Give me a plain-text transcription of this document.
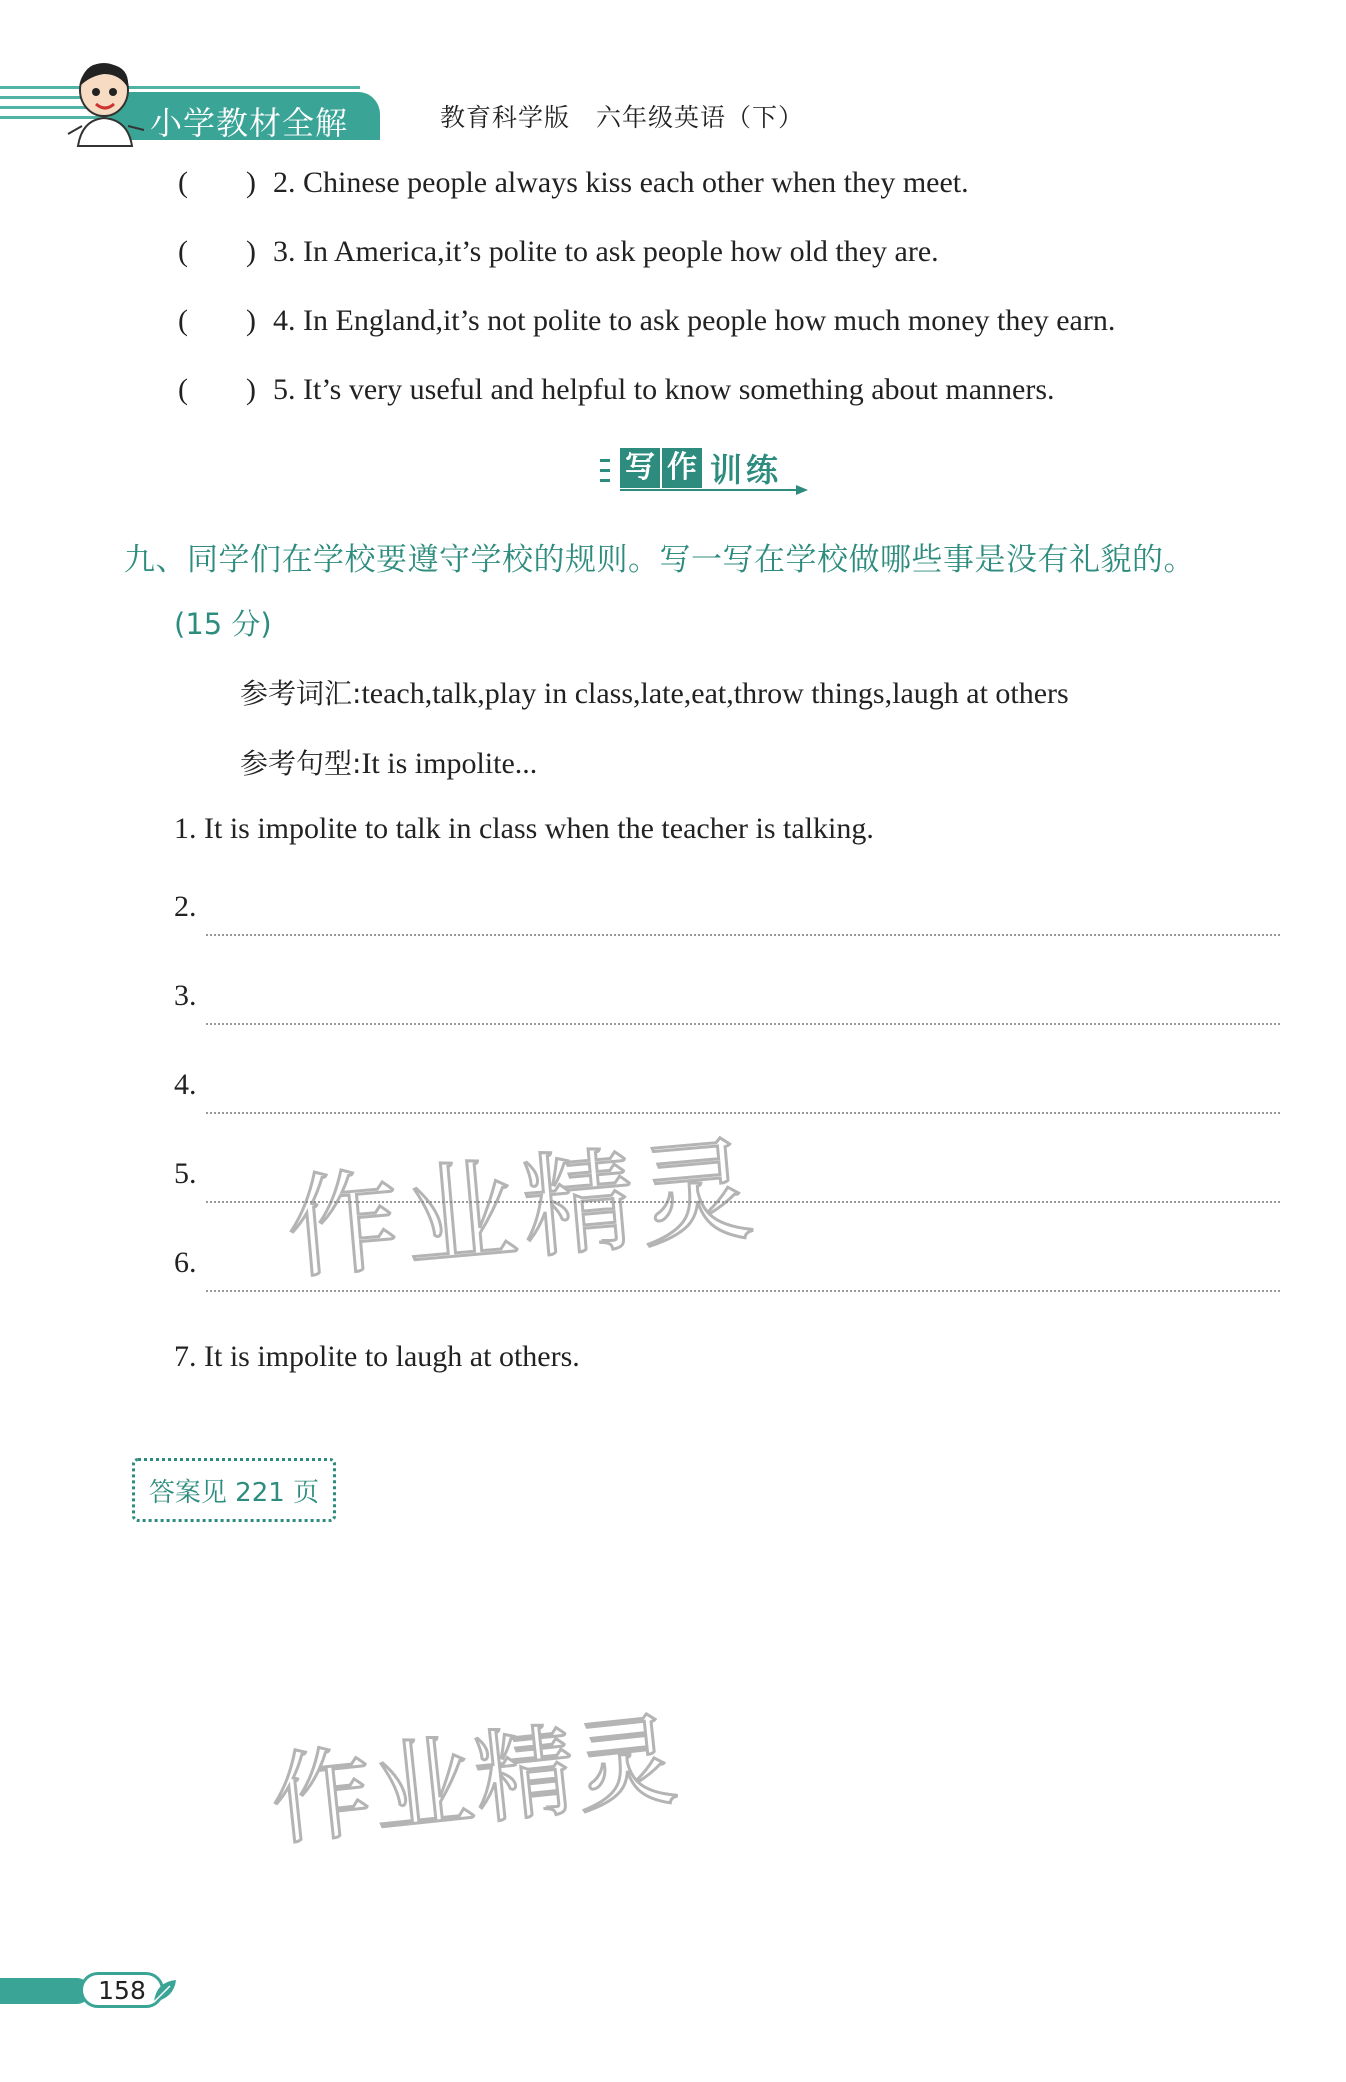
小学教材全解	教育科学版　六年级英语（下）
( ) 2. Chinese people always kiss each other when they meet.
( ) 3. In America,it’s polite to ask people how old they are.
( ) 4. In England,it’s not polite to ask people how much money they earn.
( ) 5. It’s very useful and helpful to know something about manners.
写 作 训练
九、同学们在学校要遵守学校的规则。写一写在学校做哪些事是没有礼貌的。
(15 分)
参考词汇:teach,talk,play in class,late,eat,throw things,laugh at others
参考句型:It is impolite...
1. It is impolite to talk in class when the teacher is talking.
2.
3.
4.
5.
6.
7. It is impolite to laugh at others.
答案见 221 页
作业精灵
作业精灵
158
